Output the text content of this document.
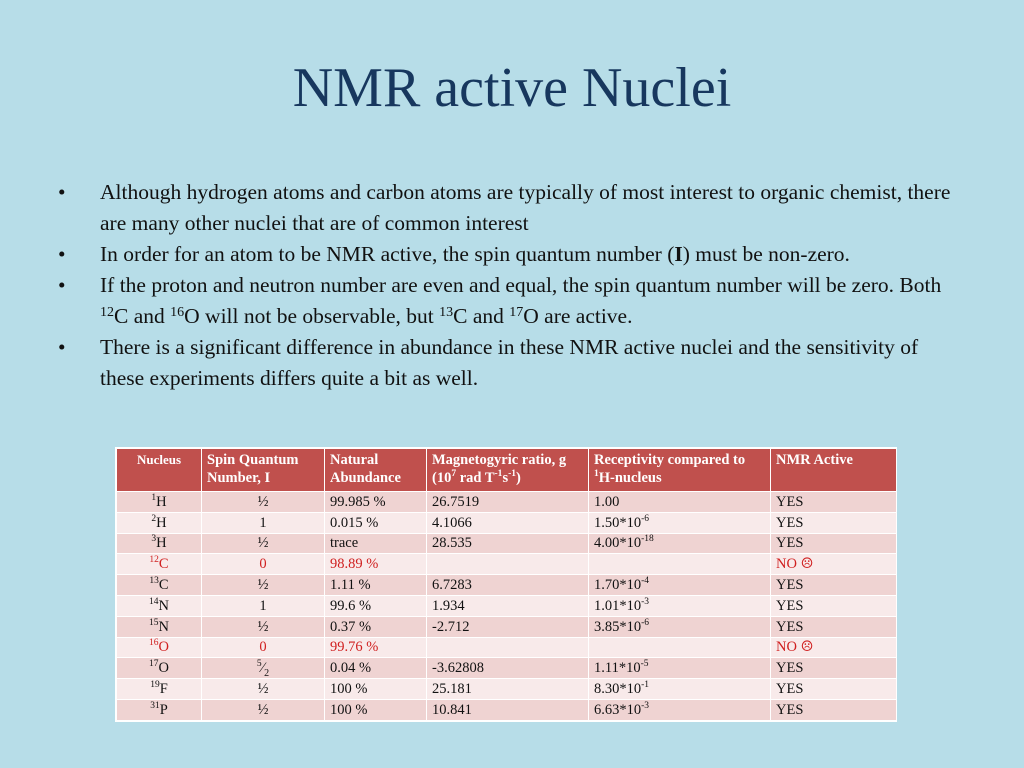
NMR active Nuclei
• Although hydrogen atoms and carbon atoms are typically of most interest to organic chemist, there are many other nuclei that are of common interest
• In order for an atom to be NMR active, the spin quantum number (I) must be non-zero.
• If the proton and neutron number are even and equal, the spin quantum number will be zero. Both $^{12}$C and $^{16}$O will not be observable, but $^{13}$C and $^{17}$O are active.
• There is a significant difference in abundance in these NMR active nuclei and the sensitivity of these experiments differs quite a bit as well.
Nucleus	Spin Quantum Number, I	Natural Abundance	Magnetogyric ratio, g ($10^7$ rad $T^{-1}s^{-1}$)	Receptivity compared to $^1$H-nucleus	NMR Active
$^1$H	½	99.985 %	26.7519	1.00	YES
$^2$H	1	0.015 %	4.1066	$1.50*10^{-6}$	YES
$^3$H	½	trace	28.535	$4.00*10^{-18}$	YES
$^{12}$C	0	98.89 %			NO ☹
$^{13}$C	½	1.11 %	6.7283	$1.70*10^{-4}$	YES
$^{14}$N	1	99.6 %	1.934	$1.01*10^{-3}$	YES
$^{15}$N	½	0.37 %	-2.712	$3.85*10^{-6}$	YES
$^{16}$O	0	99.76 %			NO ☹
$^{17}$O	$^5⁄_2$	0.04 %	-3.62808	$1.11*10^{-5}$	YES
$^{19}$F	½	100 %	25.181	$8.30*10^{-1}$	YES
$^{31}$P	½	100 %	10.841	$6.63*10^{-3}$	YES
